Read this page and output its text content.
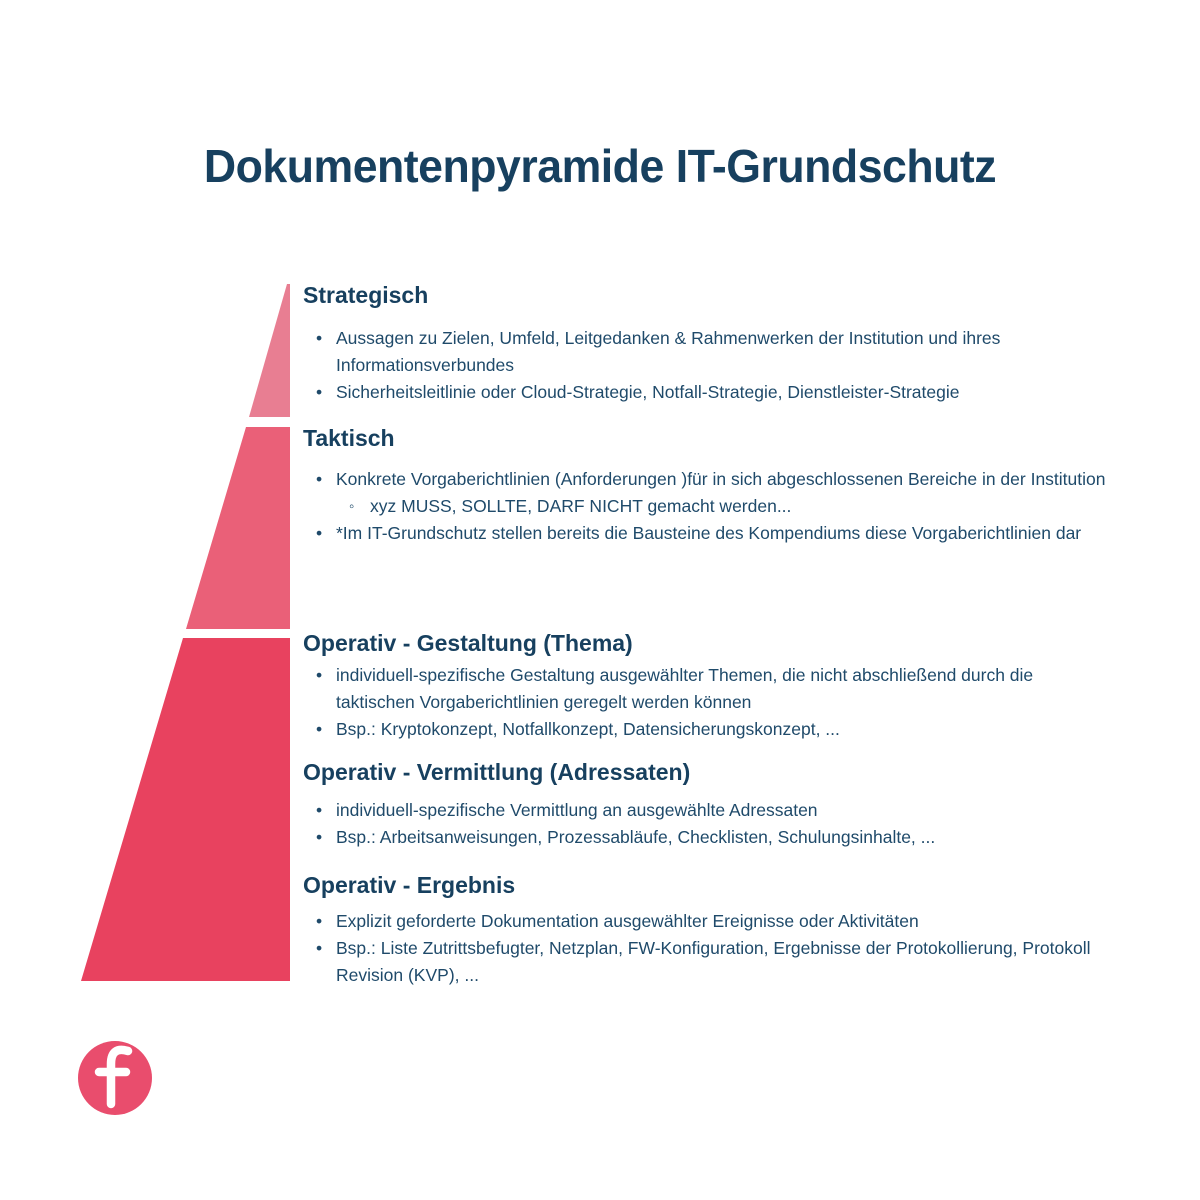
Dokumentenpyramide IT-Grundschutz
Strategisch
• Aussagen zu Zielen, Umfeld, Leitgedanken & Rahmenwerken der Institution und ihres Informationsverbundes
• Sicherheitsleitlinie oder Cloud-Strategie, Notfall-Strategie, Dienstleister-Strategie
Taktisch
• Konkrete Vorgaberichtlinien (Anforderungen )für in sich abgeschlossenen Bereiche in der Institution
◦ xyz MUSS, SOLLTE, DARF NICHT gemacht werden...
• *Im IT-Grundschutz stellen bereits die Bausteine des Kompendiums diese Vorgaberichtlinien dar
Operativ - Gestaltung (Thema)
• individuell-spezifische Gestaltung ausgewählter Themen, die nicht abschließend durch die taktischen Vorgaberichtlinien geregelt werden können
• Bsp.: Kryptokonzept, Notfallkonzept, Datensicherungskonzept, ...
Operativ - Vermittlung (Adressaten)
• individuell-spezifische Vermittlung an ausgewählte Adressaten
• Bsp.: Arbeitsanweisungen, Prozessabläufe, Checklisten, Schulungsinhalte, ...
Operativ - Ergebnis
• Explizit geforderte Dokumentation ausgewählter Ereignisse oder Aktivitäten
• Bsp.: Liste Zutrittsbefugter, Netzplan, FW-Konfiguration, Ergebnisse der Protokollierung, Protokoll Revision (KVP), ...
